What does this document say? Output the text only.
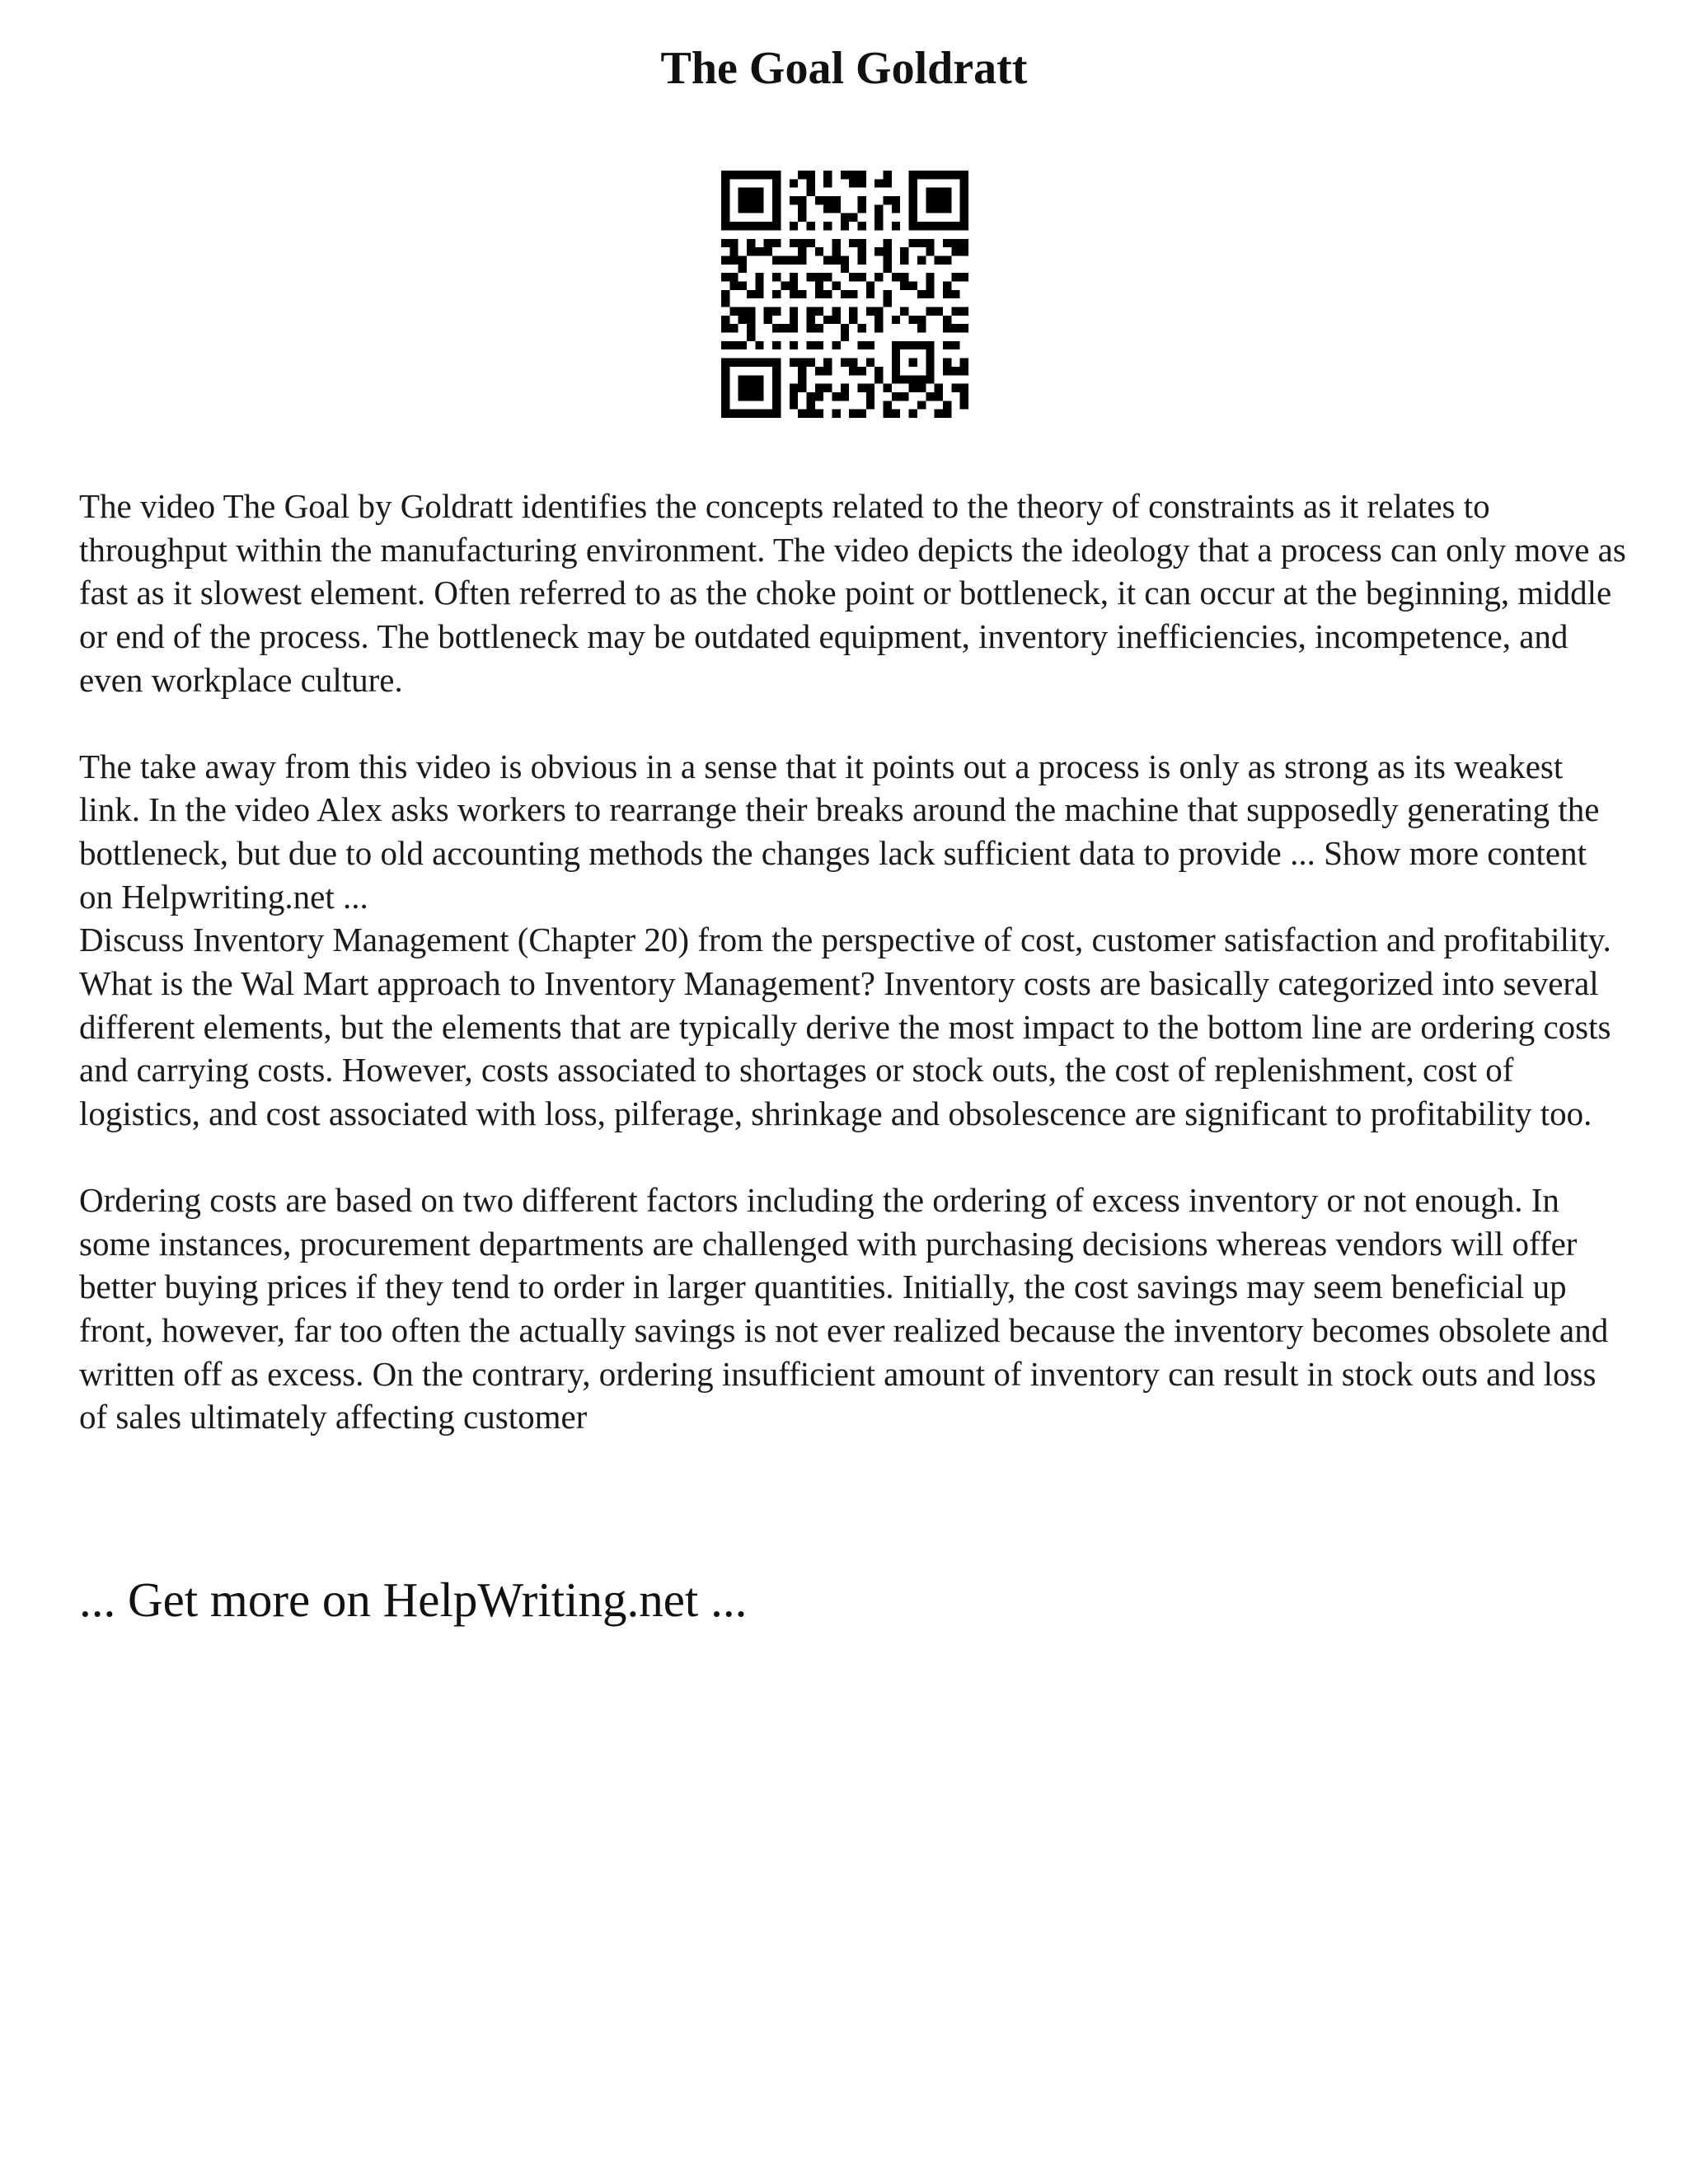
The Goal Goldratt

The video The Goal by Goldratt identifies the concepts related to the theory of constraints as it relates to throughput within the manufacturing environment. The video depicts the ideology that a process can only move as fast as it slowest element. Often referred to as the choke point or bottleneck, it can occur at the beginning, middle or end of the process. The bottleneck may be outdated equipment, inventory inefficiencies, incompetence, and even workplace culture.

The take away from this video is obvious in a sense that it points out a process is only as strong as its weakest link. In the video Alex asks workers to rearrange their breaks around the machine that supposedly generating the bottleneck, but due to old accounting methods the changes lack sufficient data to provide ... Show more content on Helpwriting.net ...

Discuss Inventory Management (Chapter 20) from the perspective of cost, customer satisfaction and profitability. What is the Wal Mart approach to Inventory Management? Inventory costs are basically categorized into several different elements, but the elements that are typically derive the most impact to the bottom line are ordering costs and carrying costs. However, costs associated to shortages or stock outs, the cost of replenishment, cost of logistics, and cost associated with loss, pilferage, shrinkage and obsolescence are significant to profitability too.

Ordering costs are based on two different factors including the ordering of excess inventory or not enough. In some instances, procurement departments are challenged with purchasing decisions whereas vendors will offer better buying prices if they tend to order in larger quantities. Initially, the cost savings may seem beneficial up front, however, far too often the actually savings is not ever realized because the inventory becomes obsolete and written off as excess. On the contrary, ordering insufficient amount of inventory can result in stock outs and loss of sales ultimately affecting customer

... Get more on HelpWriting.net ...
